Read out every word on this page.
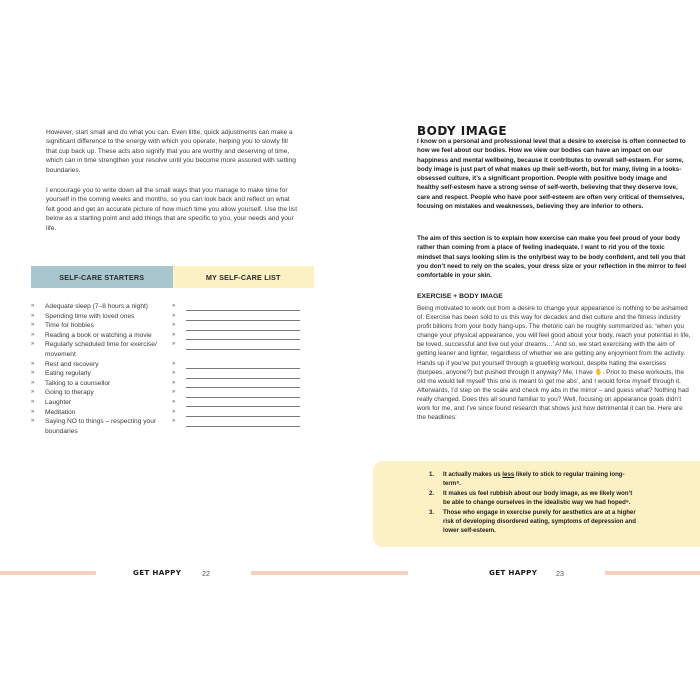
However, start small and do what you can. Even little, quick adjustments can make a significant difference to the energy with which you operate, helping you to slowly fill that cup back up. These acts also signify that you are worthy and deserving of time, which can in time strengthen your resolve until you become more assured with setting boundaries.

I encourage you to write down all the small ways that you manage to make time for yourself in the coming weeks and months, so you can look back and reflect on what felt good and get an accurate picture of how much time you allow yourself. Use the list below as a starting point and add things that are specific to you, your needs and your life.

SELF-CARE STARTERS	MY SELF-CARE LIST
»	Adequate sleep (7–8 hours a night)	»
»	Spending time with loved ones	»
»	Time for hobbies	»
»	Reading a book or watching a movie	»
»	Regularly scheduled time for exercise/ movement
»
»	Rest and recovery	»
»	Eating regularly	»
»	Talking to a counsellor	»
»	Going to therapy	»
»	Laughter	»
»	Meditation	»
»	Saying NO to things – respecting your boundaries
»
GET HAPPY	22
BODY IMAGE

I know on a personal and professional level that a desire to exercise is often connected to how we feel about our bodies. How we view our bodies can have an impact on our happiness and mental wellbeing, because it contributes to overall self-esteem. For some, body image is just part of what makes up their self-worth, but for many, living in a looks-obsessed culture, it’s a significant proportion. People with positive body image and healthy self-esteem have a strong sense of self-worth, believing that they deserve love, care and respect. People who have poor self-esteem are often very critical of themselves, focusing on mistakes and weaknesses, believing they are inferior to others.

The aim of this section is to explain how exercise can make you feel proud of your body rather than coming from a place of feeling inadequate. I want to rid you of the toxic mindset that says looking slim is the only/best way to be body confident, and tell you that you don’t need to rely on the scales, your dress size or your reflection in the mirror to feel comfortable in your skin.

EXERCISE + BODY IMAGE

Being motivated to work out from a desire to change your appearance is nothing to be ashamed of. Exercise has been sold to us this way for decades and diet culture and the fitness industry profit billions from your body hang-ups. The rhetoric can be roughly summarized as: ‘when you change your physical appearance, you will feel good about your body, reach your potential in life, be loved, successful and live out your dreams…’ And so, we start exercising with the aim of getting leaner and lighter, regardless of whether we are getting any enjoyment from the activity. Hands up if you’ve put yourself through a gruelling workout, despite hating the exercises (burpees, anyone?) but pushed through it anyway? Me, I have ✋. Prior to these workouts, the old me would tell myself ‘this one is meant to get me abs’, and I would force myself through it. Afterwards, I’d step on the scale and check my abs in the mirror – and guess what? Nothing had really changed. Does this all sound familiar to you? Well, focusing on appearance goals didn’t work for me, and I’ve since found research that shows just how detrimental it can be. Here are the headlines:

1.	It actually makes us less likely to stick to regular training long-term⁸.
2.	It makes us feel rubbish about our body image, as we likely won’t be able to change ourselves in the idealistic way we had hoped⁹.
3.	Those who engage in exercise purely for aesthetics are at a higher risk of developing disordered eating, symptoms of depression and lower self-esteem.
GET HAPPY	23
